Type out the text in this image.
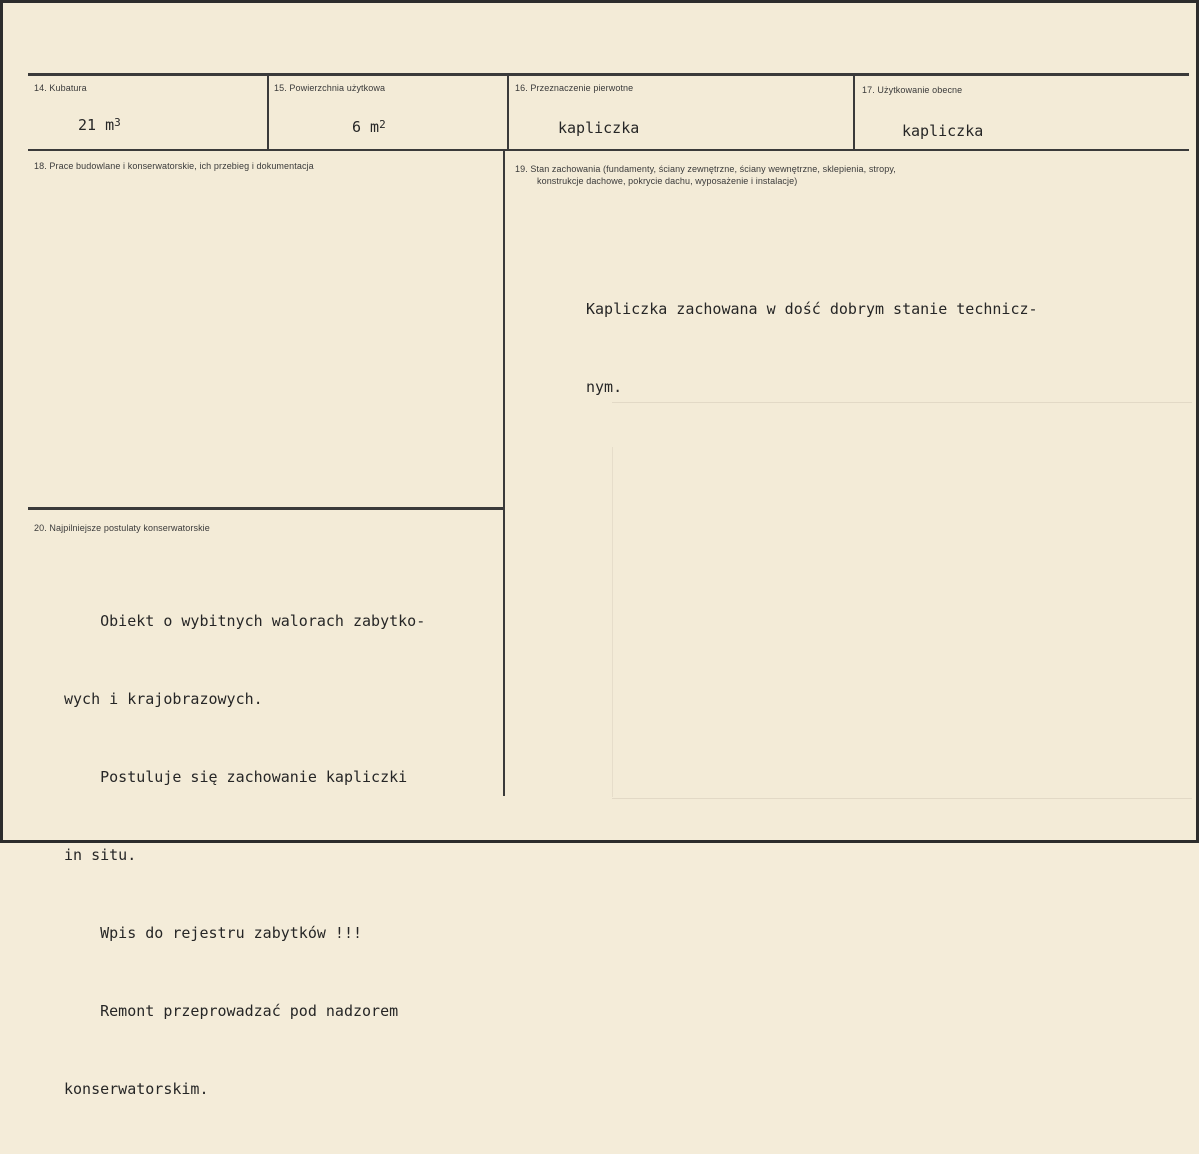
14. Kubatura
21 $m^3$
15. Powierzchnia użytkowa
6 $m^2$
16. Przeznaczenie pierwotne
kapliczka
17. Użytkowanie obecne
kapliczka
18. Prace budowlane i konserwatorskie, ich przebieg i dokumentacja	19. Stan zachowania (fundamenty, ściany zewnętrzne, ściany wewnętrzne, sklepienia, stropy,
konstrukcje dachowe, pokrycie dachu, wyposażenie i instalacje)

Kapliczka zachowana w dość dobrym stanie technicz-

nym.

20. Najpilniejsze postulaty konserwatorskie

Obiekt o wybitnych walorach zabytko-

wych i krajobrazowych.

Postuluje się zachowanie kapliczki

in situ.

Wpis do rejestru zabytków !!!

Remont przeprowadzać pod nadzorem

konserwatorskim.
